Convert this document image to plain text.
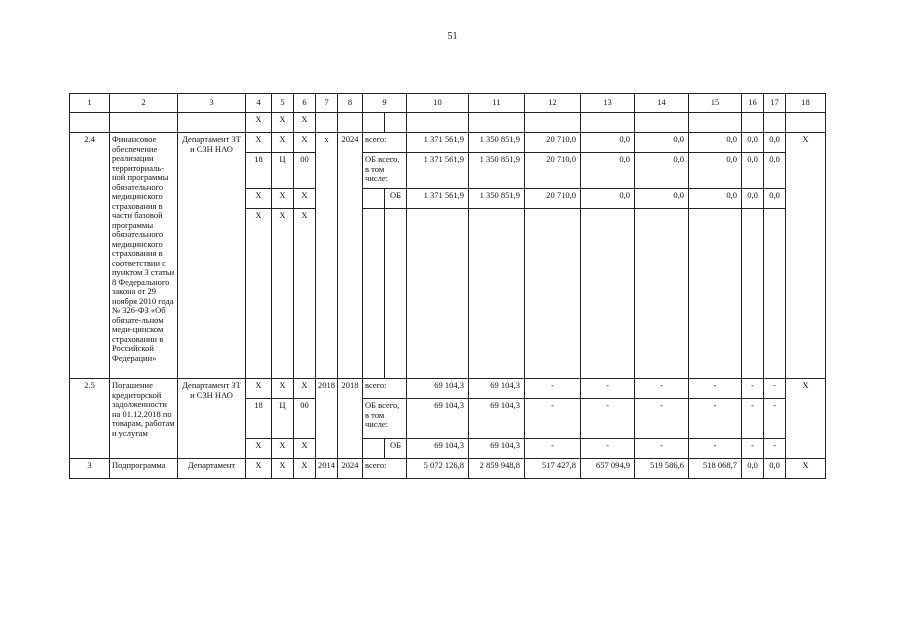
51
1	2	3	4	5	6	7	8	9		10	11	12	13	14	15	16	17	18
			Х	Х	Х													
2.4	Финансовое обеспечение реализации территориаль-ной программы обязательного медицинского страхования в части базовой программы обязательного медицинского страхования в соответствии с пунктом 3 статьи 8 Федерального закона от 29 ноября 2010 года № 326-ФЗ «Об обязате-льном меди-цинском страховании в Российской Федерации»	Департамент ЗТ и СЗН НАО	Х	Х	Х	х	2024	всего:		1 371 561,9	1 350 851,9	20 710,0	0,0	0,0	0,0	0,0	0,0	Х
			18	Ц	00			ОБ всего, в том числе:		1 371 561,9	1 350 851,9	20 710,0	0,0	0,0	0,0	0,0	0,0	
			Х	Х	Х				ОБ	1 371 561,9	1 350 851,9	20 710,0	0,0	0,0	0,0	0,0	0,0	
			Х	Х	Х													
2.5	Погашение кредиторской задолженности на 01.12.2018 по товарам, работам и услугам	Департамент ЗТ и СЗН НАО	Х	Х	Х	2018	2018	всего:		69 104,3	69 104,3	-	-	-	-	-	-	Х
			18	Ц	00			ОБ всего, в том числе:		69 104,3	69 104,3	-	-	-	-	-	-	
			Х	Х	Х				ОБ	69 104,3	69 104,3	-	-	-	-	-	-	
3	Подпрограмма	Департамент	Х	Х	Х	2014	2024	всего:		5 072 126,8	2 859 948,8	517 427,8	657 094,9	519 586,6	518 068,7	0,0	0,0	Х
